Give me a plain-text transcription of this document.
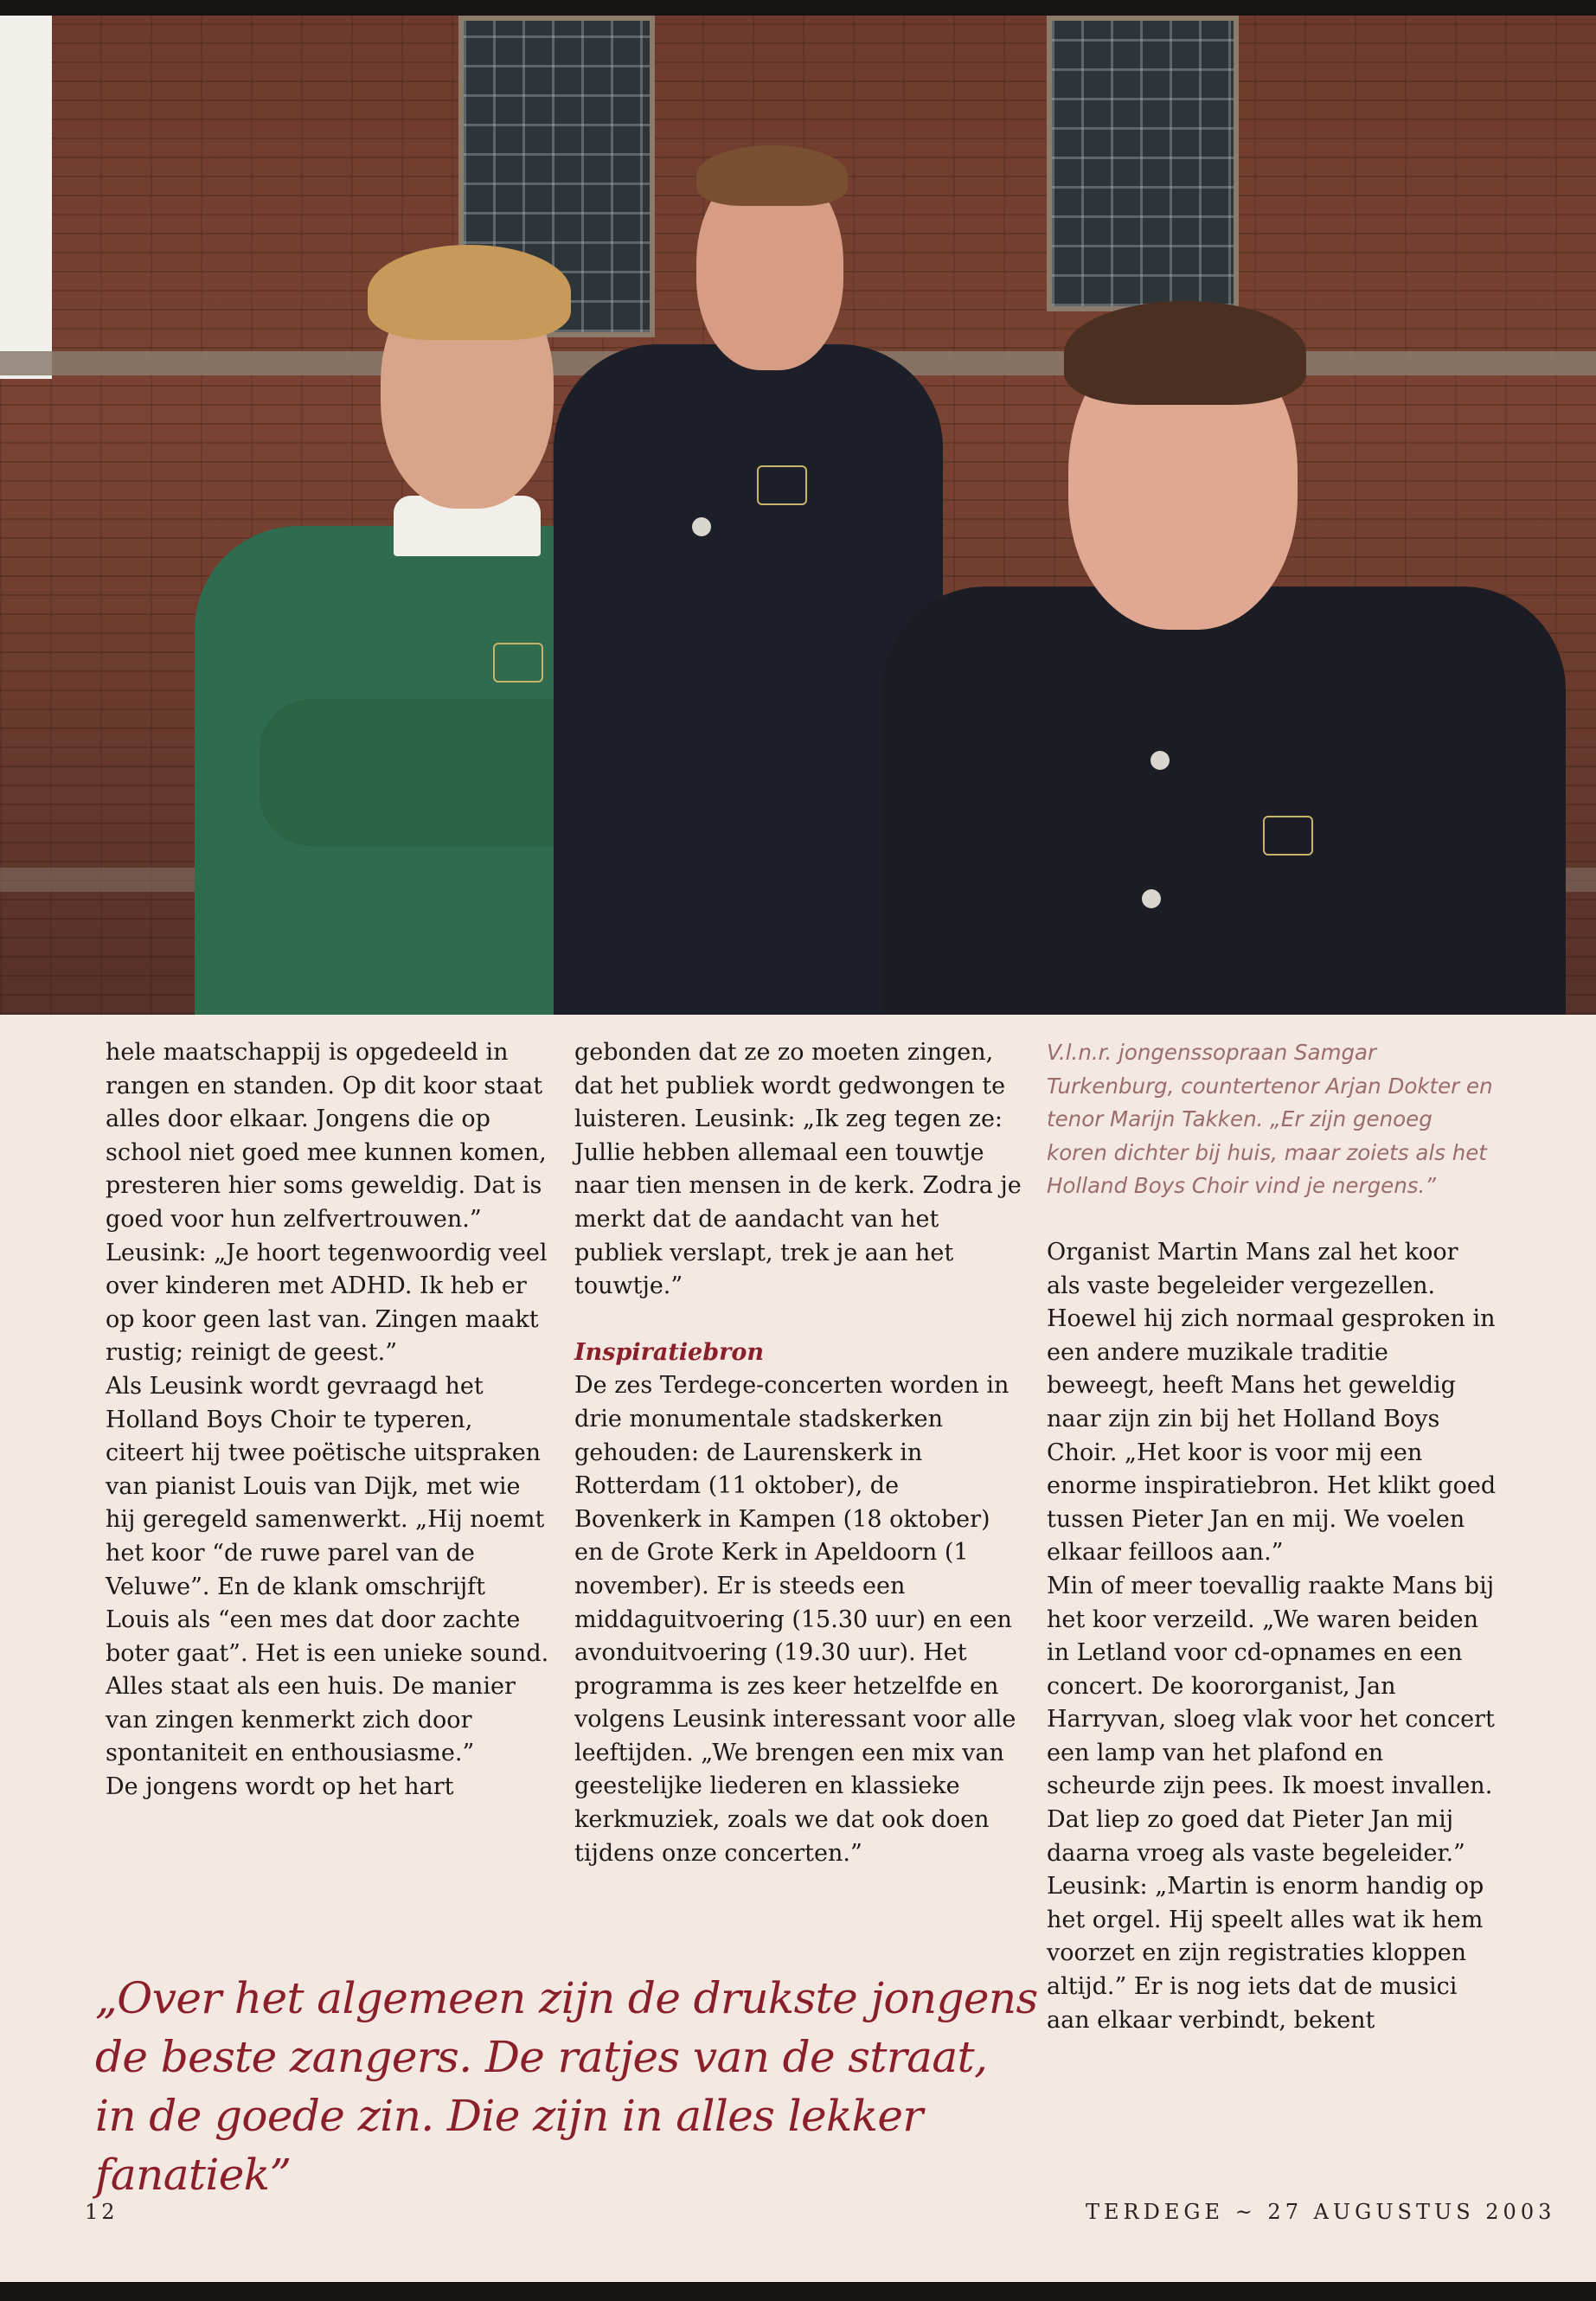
hele maatschappij is opgedeeld in rangen en standen. Op dit koor staat alles door elkaar. Jongens die op school niet goed mee kunnen komen, presteren hier soms geweldig. Dat is goed voor hun zelfvertrouwen.” Leusink: „Je hoort tegenwoordig veel over kinderen met ADHD. Ik heb er op koor geen last van. Zingen maakt rustig; reinigt de geest.”

Als Leusink wordt gevraagd het Holland Boys Choir te typeren, citeert hij twee poëtische uitspraken van pianist Louis van Dijk, met wie hij geregeld samenwerkt. „Hij noemt het koor “de ruwe parel van de Veluwe”. En de klank omschrijft Louis als “een mes dat door zachte boter gaat”. Het is een unieke sound. Alles staat als een huis. De manier van zingen kenmerkt zich door spontaniteit en enthousiasme.”

De jongens wordt op het hart

gebonden dat ze zo moeten zingen, dat het publiek wordt gedwongen te luisteren. Leusink: „Ik zeg tegen ze: Jullie hebben allemaal een touwtje naar tien mensen in de kerk. Zodra je merkt dat de aandacht van het publiek verslapt, trek je aan het touwtje.”

Inspiratiebron

De zes Terdege-concerten worden in drie monumentale stadskerken gehouden: de Laurenskerk in Rotterdam (11 oktober), de Bovenkerk in Kampen (18 oktober) en de Grote Kerk in Apeldoorn (1 november). Er is steeds een middaguitvoering (15.30 uur) en een avonduitvoering (19.30 uur). Het programma is zes keer hetzelfde en volgens Leusink interessant voor alle leeftijden. „We brengen een mix van geestelijke liederen en klassieke kerkmuziek, zoals we dat ook doen tijdens onze concerten.”

V.l.n.r. jongenssopraan Samgar Turkenburg, countertenor Arjan Dokter en tenor Marijn Takken. „Er zijn genoeg koren dichter bij huis, maar zoiets als het Holland Boys Choir vind je nergens.”

Organist Martin Mans zal het koor als vaste begeleider vergezellen. Hoewel hij zich normaal gesproken in een andere muzikale traditie beweegt, heeft Mans het geweldig naar zijn zin bij het Holland Boys Choir. „Het koor is voor mij een enorme inspiratiebron. Het klikt goed tussen Pieter Jan en mij. We voelen elkaar feilloos aan.”

Min of meer toevallig raakte Mans bij het koor verzeild. „We waren beiden in Letland voor cd-opnames en een concert. De koororganist, Jan Harryvan, sloeg vlak voor het concert een lamp van het plafond en scheurde zijn pees. Ik moest invallen. Dat liep zo goed dat Pieter Jan mij daarna vroeg als vaste begeleider.”

Leusink: „Martin is enorm handig op het orgel. Hij speelt alles wat ik hem voorzet en zijn registraties kloppen altijd.” Er is nog iets dat de musici aan elkaar verbindt, bekent

„Over het algemeen zijn de drukste jongens de beste zangers. De ratjes van de straat, in de goede zin. Die zijn in alles lekker fanatiek”
12	TERDEGE ~ 27 AUGUSTUS 2003
